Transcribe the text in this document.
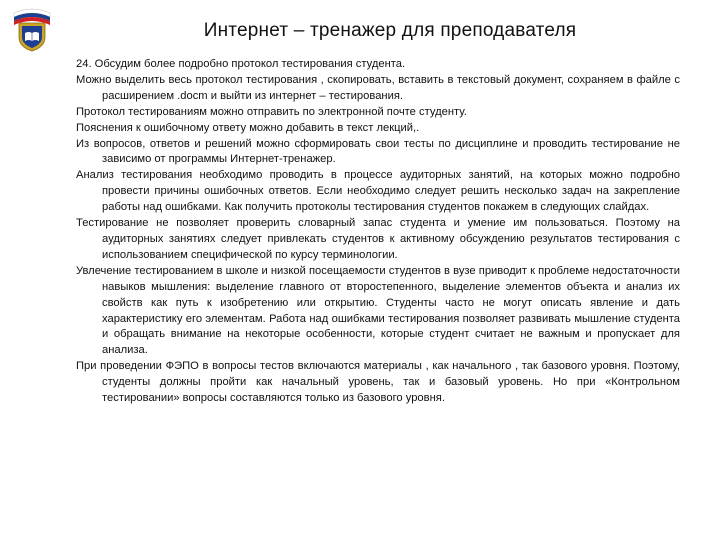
Интернет – тренажер для преподавателя

24. Обсудим более подробно протокол тестирования студента.

Можно выделить весь протокол тестирования , скопировать, вставить в текстовый документ, сохраняем в файле с расширением .docm и выйти из интернет – тестирования.

Протокол тестированиям можно отправить по электронной почте студенту.

Пояснения к ошибочному ответу можно добавить в текст лекций,.

Из вопросов, ответов и решений можно сформировать свои тесты по дисциплине и проводить тестирование не зависимо от программы Интернет-тренажер.

Анализ тестирования необходимо проводить в процессе аудиторных занятий, на которых можно подробно провести причины ошибочных ответов. Если необходимо следует решить несколько задач на закрепление работы над ошибками. Как получить протоколы тестирования студентов покажем в следующих слайдах.

Тестирование не позволяет проверить словарный запас студента и умение им пользоваться. Поэтому на аудиторных занятиях следует привлекать студентов к активному обсуждению результатов тестирования с использованием специфической по курсу терминологии.

Увлечение тестированием в школе и низкой посещаемости студентов в вузе приводит к проблеме недостаточности навыков мышления: выделение главного от второстепенного, выделение элементов объекта и анализ их свойств как путь к изобретению или открытию. Студенты часто не могут описать явление и дать характеристику его элементам. Работа над ошибками тестирования позволяет развивать мышление студента и обращать внимание на некоторые особенности, которые студент считает не важным и пропускает для анализа.

При проведении ФЭПО в вопросы тестов включаются материалы , как начального , так базового уровня. Поэтому, студенты должны пройти как начальный уровень, так и базовый уровень. Но при «Контрольном тестировании» вопросы составляются только из базового уровня.
